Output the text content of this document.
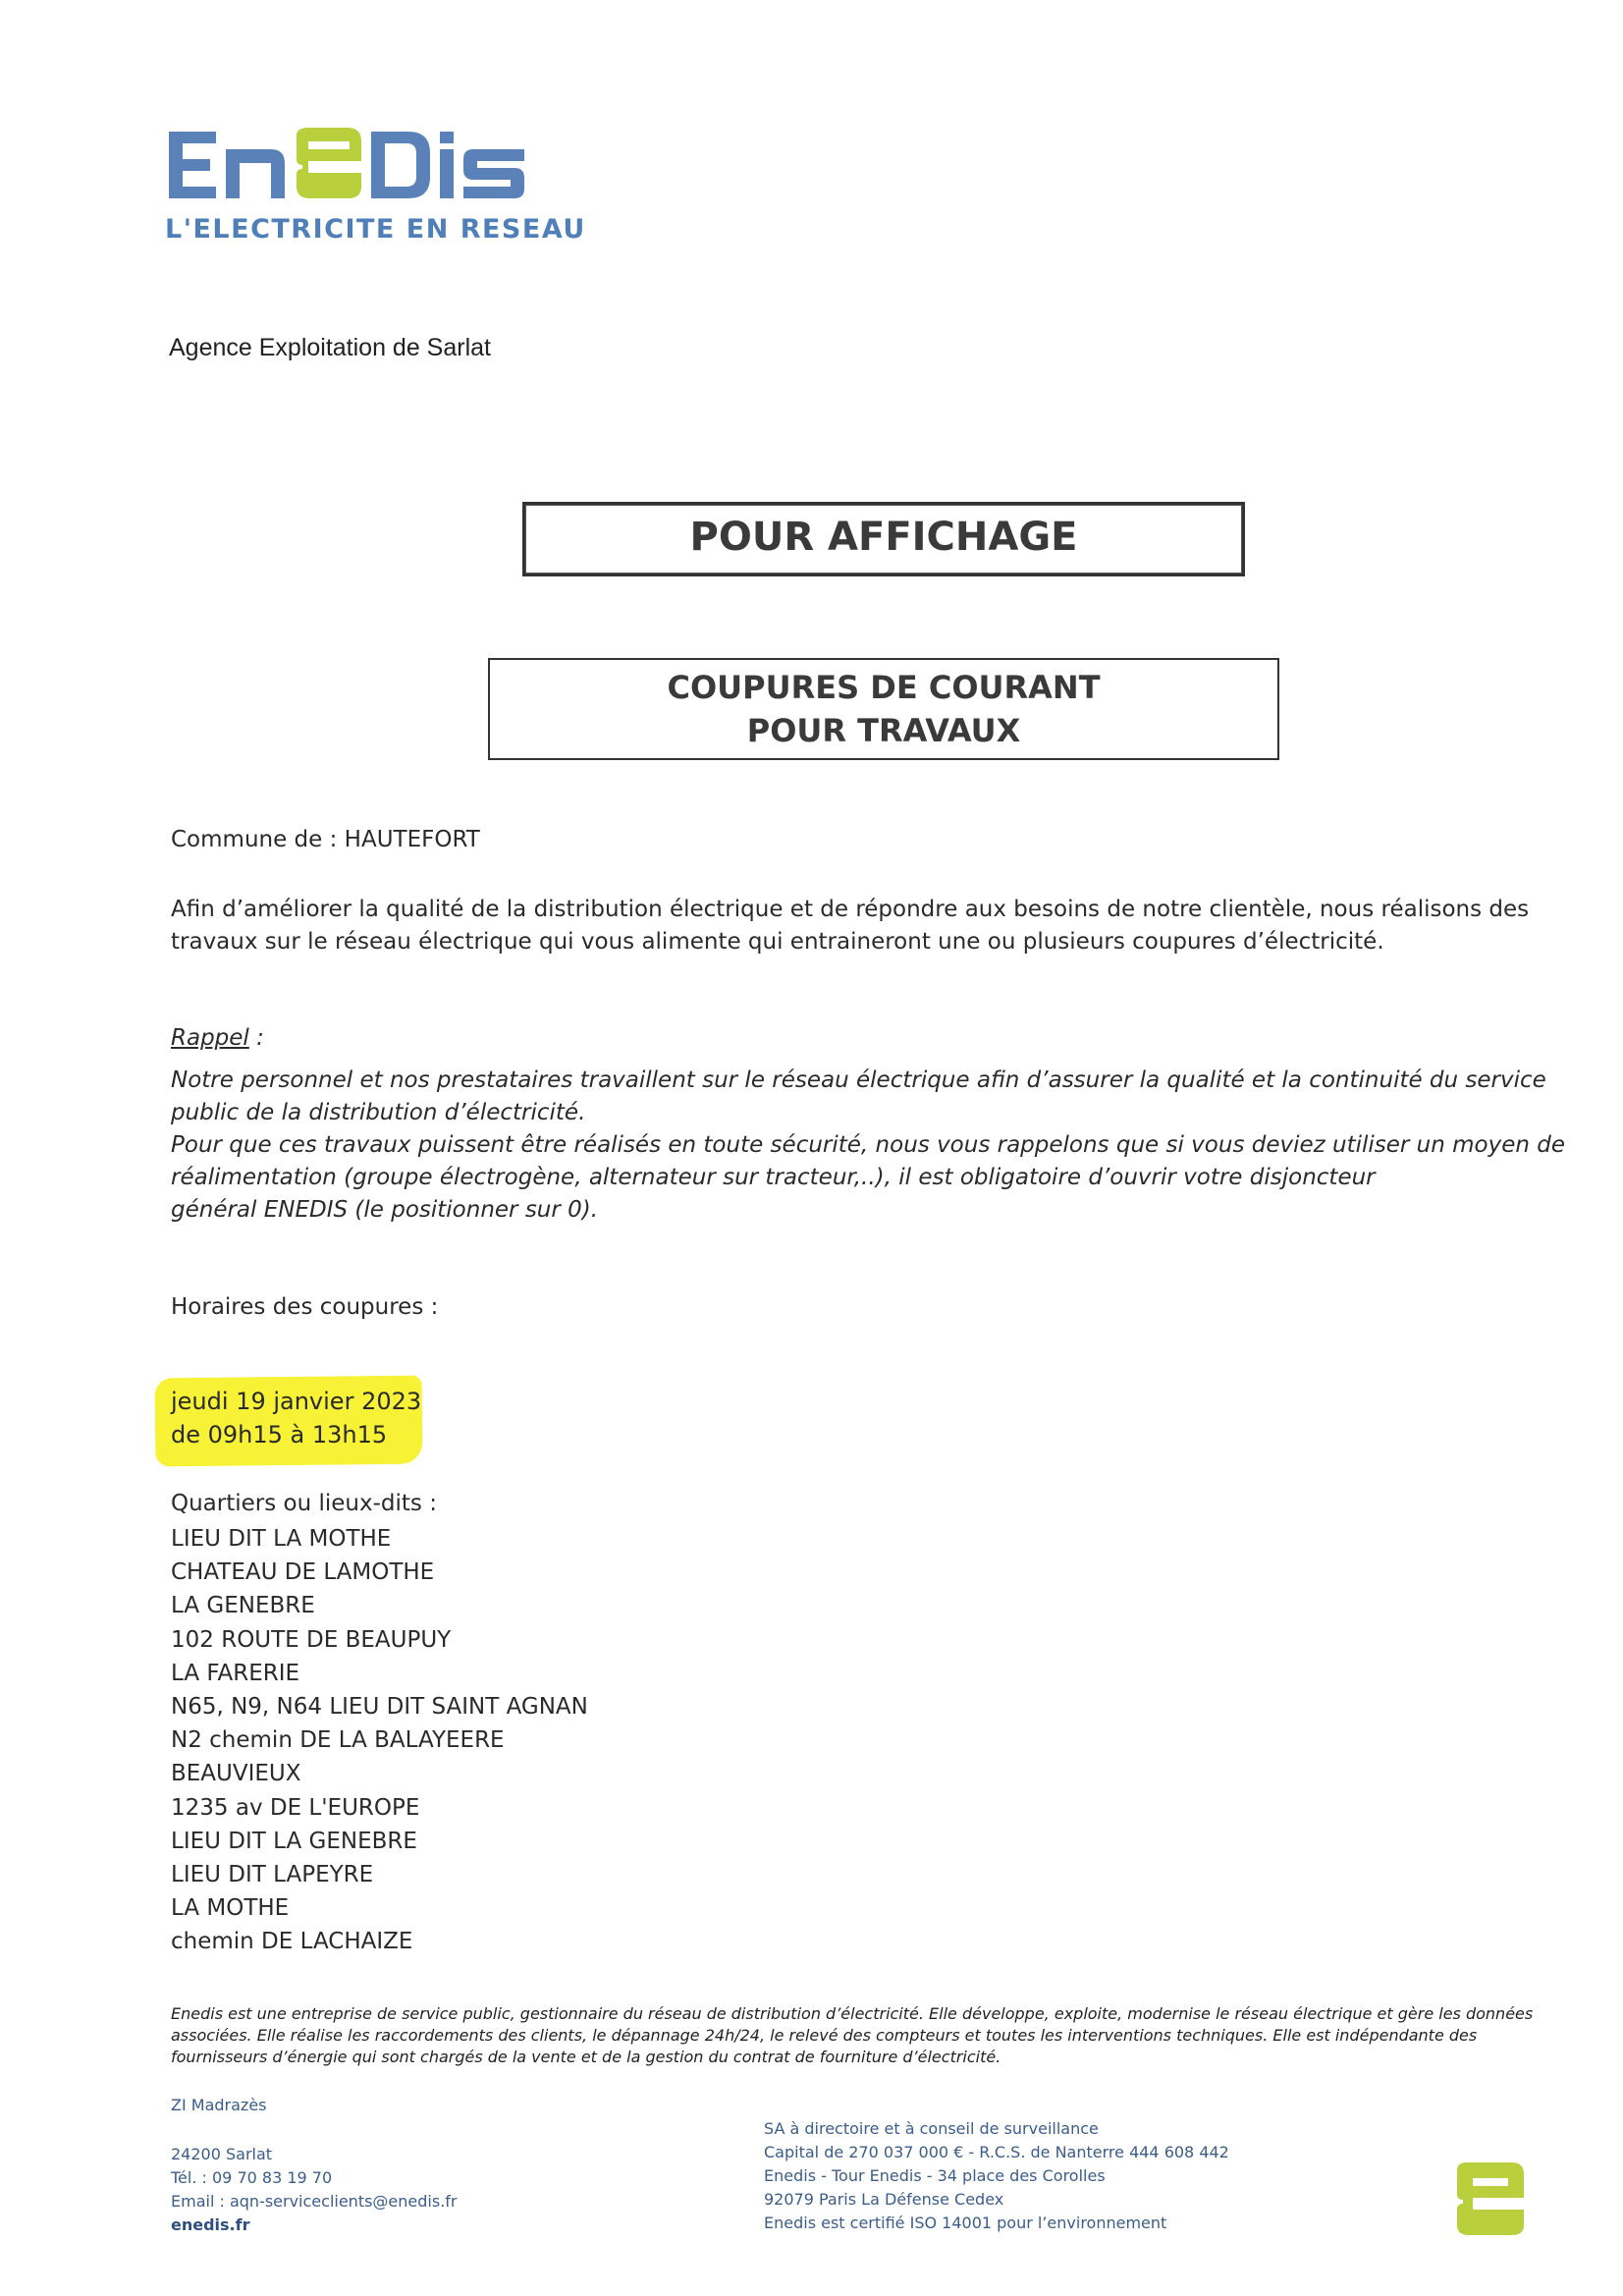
L'ELECTRICITE EN RESEAU
Agence Exploitation de Sarlat
POUR AFFICHAGE
COUPURES DE COURANT
POUR TRAVAUX
Commune de : HAUTEFORT
Afin d’améliorer la qualité de la distribution électrique et de répondre aux besoins de notre clientèle, nous réalisons des
travaux sur le réseau électrique qui vous alimente qui entraineront une ou plusieurs coupures d’électricité.
Rappel :
Notre personnel et nos prestataires travaillent sur le réseau électrique afin d’assurer la qualité et la continuité du service
public de la distribution d’électricité.
Pour que ces travaux puissent être réalisés en toute sécurité, nous vous rappelons que si vous deviez utiliser un moyen de
réalimentation (groupe électrogène, alternateur sur tracteur,..), il est obligatoire d’ouvrir votre disjoncteur
général ENEDIS (le positionner sur 0).
Horaires des coupures :
jeudi 19 janvier 2023
de 09h15 à 13h15
Quartiers ou lieux-dits :
LIEU DIT LA MOTHE
CHATEAU DE LAMOTHE
LA GENEBRE
102 ROUTE DE BEAUPUY
LA FARERIE
N65, N9, N64 LIEU DIT SAINT AGNAN
N2 chemin DE LA BALAYEERE
BEAUVIEUX
1235 av DE L'EUROPE
LIEU DIT LA GENEBRE
LIEU DIT LAPEYRE
LA MOTHE
chemin DE LACHAIZE
Enedis est une entreprise de service public, gestionnaire du réseau de distribution d’électricité. Elle développe, exploite, modernise le réseau électrique et gère les données
associées. Elle réalise les raccordements des clients, le dépannage 24h/24, le relevé des compteurs et toutes les interventions techniques. Elle est indépendante des
fournisseurs d’énergie qui sont chargés de la vente et de la gestion du contrat de fourniture d’électricité.
ZI Madrazès
24200 Sarlat
Tél. : 09 70 83 19 70
Email : aqn-serviceclients@enedis.fr
enedis.fr
SA à directoire et à conseil de surveillance
Capital de 270 037 000 € - R.C.S. de Nanterre 444 608 442
Enedis - Tour Enedis - 34 place des Corolles
92079 Paris La Défense Cedex
Enedis est certifié ISO 14001 pour l’environnement
